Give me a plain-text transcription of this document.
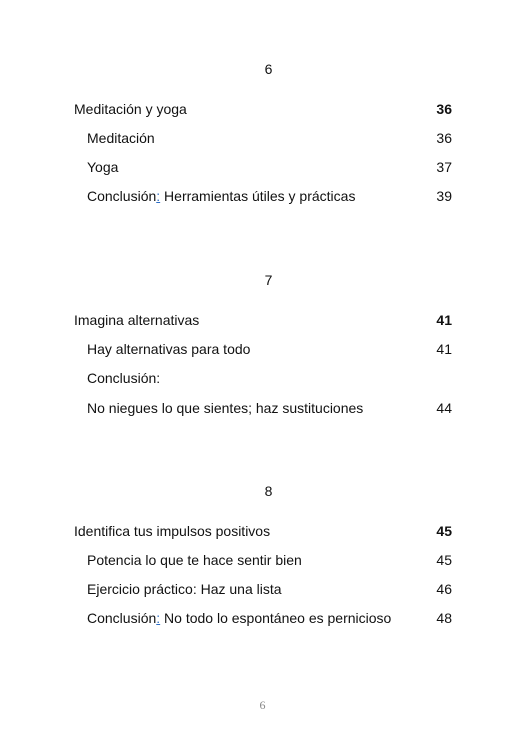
6
Meditación y yoga	36
Meditación	36
Yoga	37
Conclusión: Herramientas útiles y prácticas	39
7
Imagina alternativas	41
Hay alternativas para todo	41
Conclusión:
No niegues lo que sientes; haz sustituciones	44
8
Identifica tus impulsos positivos	45
Potencia lo que te hace sentir bien	45
Ejercicio práctico: Haz una lista	46
Conclusión: No todo lo espontáneo es pernicioso	48
6
